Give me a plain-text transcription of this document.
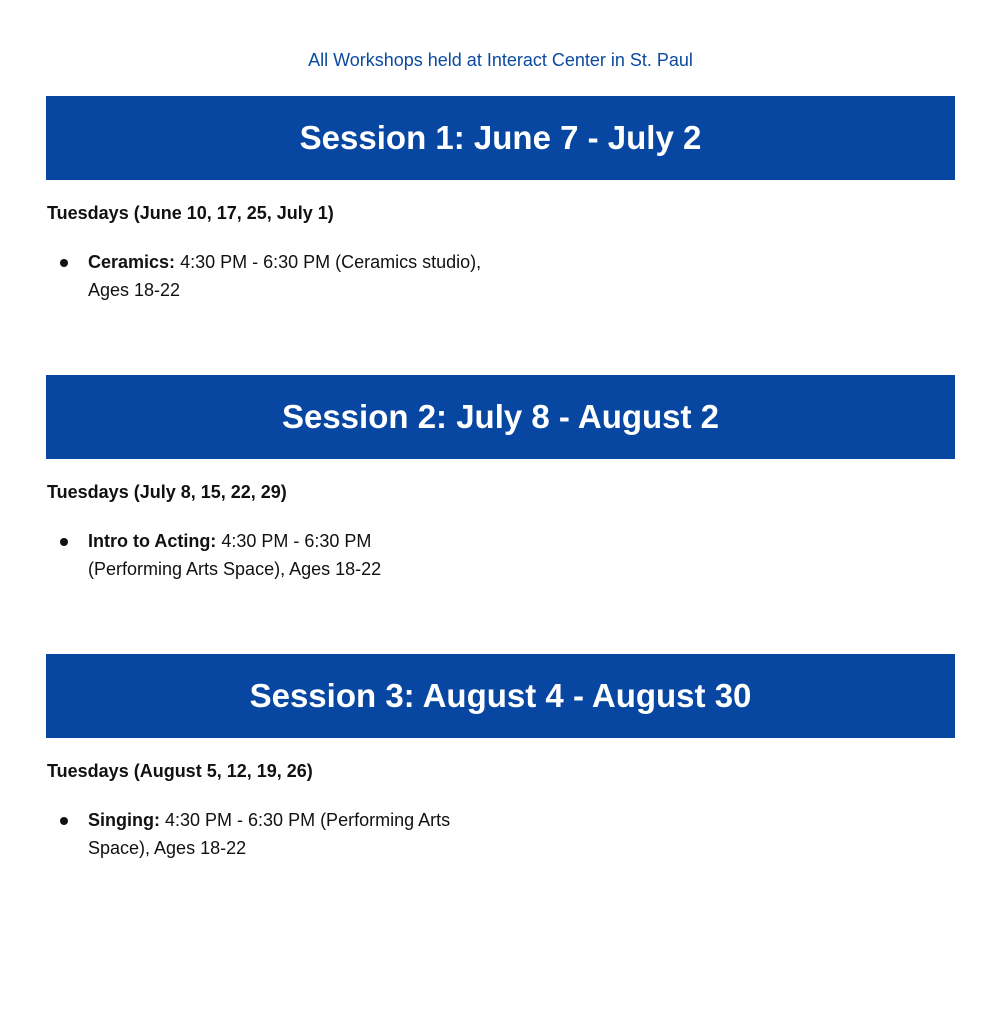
All Workshops held at Interact Center in St. Paul
Session 1: June 7 - July 2
Tuesdays (June 10, 17, 25, July 1)
Ceramics: 4:30 PM - 6:30 PM (Ceramics studio), Ages 18-22
Session 2: July 8 - August 2
Tuesdays (July 8, 15, 22, 29)
Intro to Acting: 4:30 PM - 6:30 PM (Performing Arts Space), Ages 18-22
Session 3: August 4 - August 30
Tuesdays (August 5, 12, 19, 26)
Singing: 4:30 PM - 6:30 PM (Performing Arts Space), Ages 18-22
